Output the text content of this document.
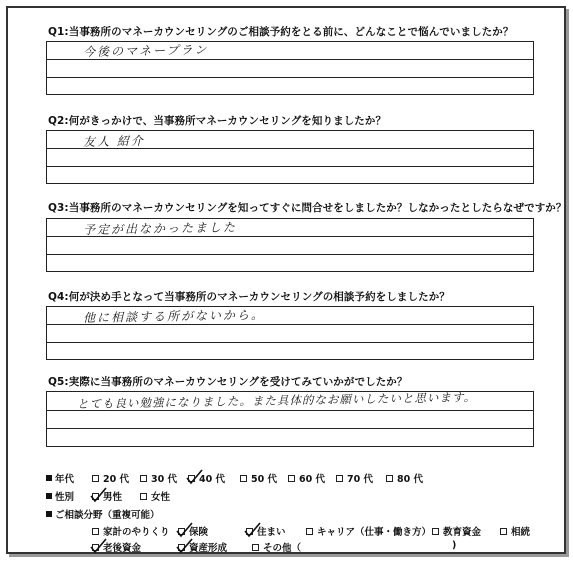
Q1:当事務所のマネーカウンセリングのご相談予約をとる前に、どんなことで悩んでいましたか？
今後のマネープラン
Q2:何がきっかけで、当事務所マネーカウンセリングを知りましたか？
友人 紹介
Q3:当事務所のマネーカウンセリングを知ってすぐに問合せをしましたか？しなかったとしたらなぜですか？
予定が出なかったました
Q4:何が決め手となって当事務所のマネーカウンセリングの相談予約をしましたか？
他に相談する所がないから。
Q5:実際に当事務所のマネーカウンセリングを受けてみていかがでしたか？
とても良い勉強になりました。また具体的なお願いしたいと思います。
年代	20 代 30 代 40 代	50 代 60 代 70 代	80 代
性別	男性	女性
ご相談分野（重複可能）
家計のやりくり 保険	住まい	キャリア（仕事・働き方） 教育資金	相続
老後資金	資産形成	その他（	)
